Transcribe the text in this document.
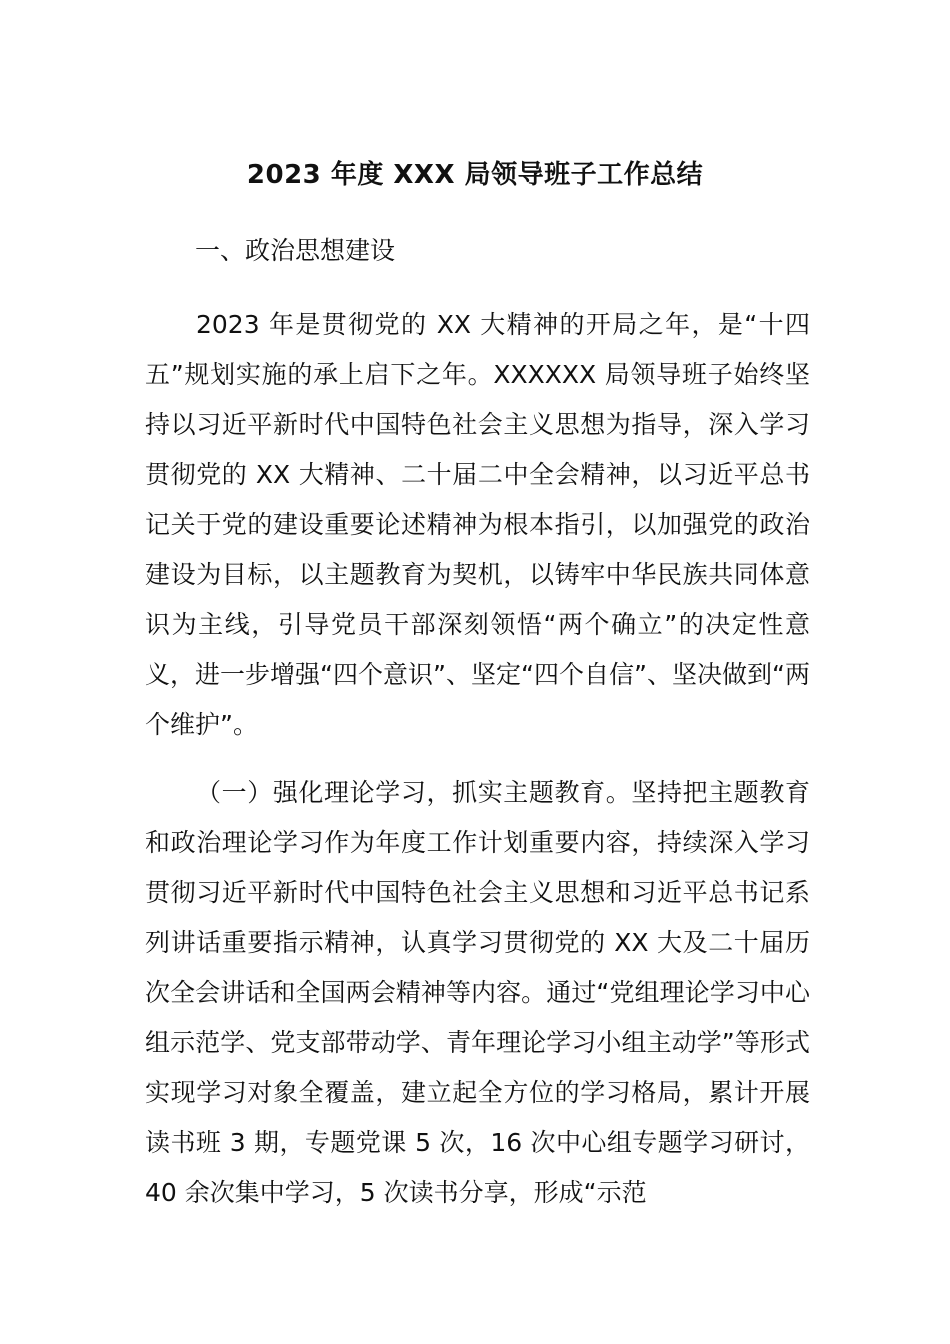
2023 年度 XXX 局领导班子工作总结
一、政治思想建设

2023 年是贯彻党的 XX 大精神的开局之年，是“十四五”规划实施的承上启下之年。XXXXXX 局领导班子始终坚持以习近平新时代中国特色社会主义思想为指导，深入学习贯彻党的 XX 大精神、二十届二中全会精神，以习近平总书记关于党的建设重要论述精神为根本指引，以加强党的政治建设为目标，以主题教育为契机，以铸牢中华民族共同体意识为主线，引导党员干部深刻领悟“两个确立”的决定性意义，进一步增强“四个意识”、坚定“四个自信”、坚决做到“两个维护”。

（一）强化理论学习，抓实主题教育。坚持把主题教育和政治理论学习作为年度工作计划重要内容，持续深入学习贯彻习近平新时代中国特色社会主义思想和习近平总书记系列讲话重要指示精神，认真学习贯彻党的 XX 大及二十届历次全会讲话和全国两会精神等内容。通过“党组理论学习中心组示范学、党支部带动学、青年理论学习小组主动学”等形式实现学习对象全覆盖，建立起全方位的学习格局，累计开展读书班 3 期，专题党课 5 次，16 次中心组专题学习研讨，40 余次集中学习，5 次读书分享，形成“示范
